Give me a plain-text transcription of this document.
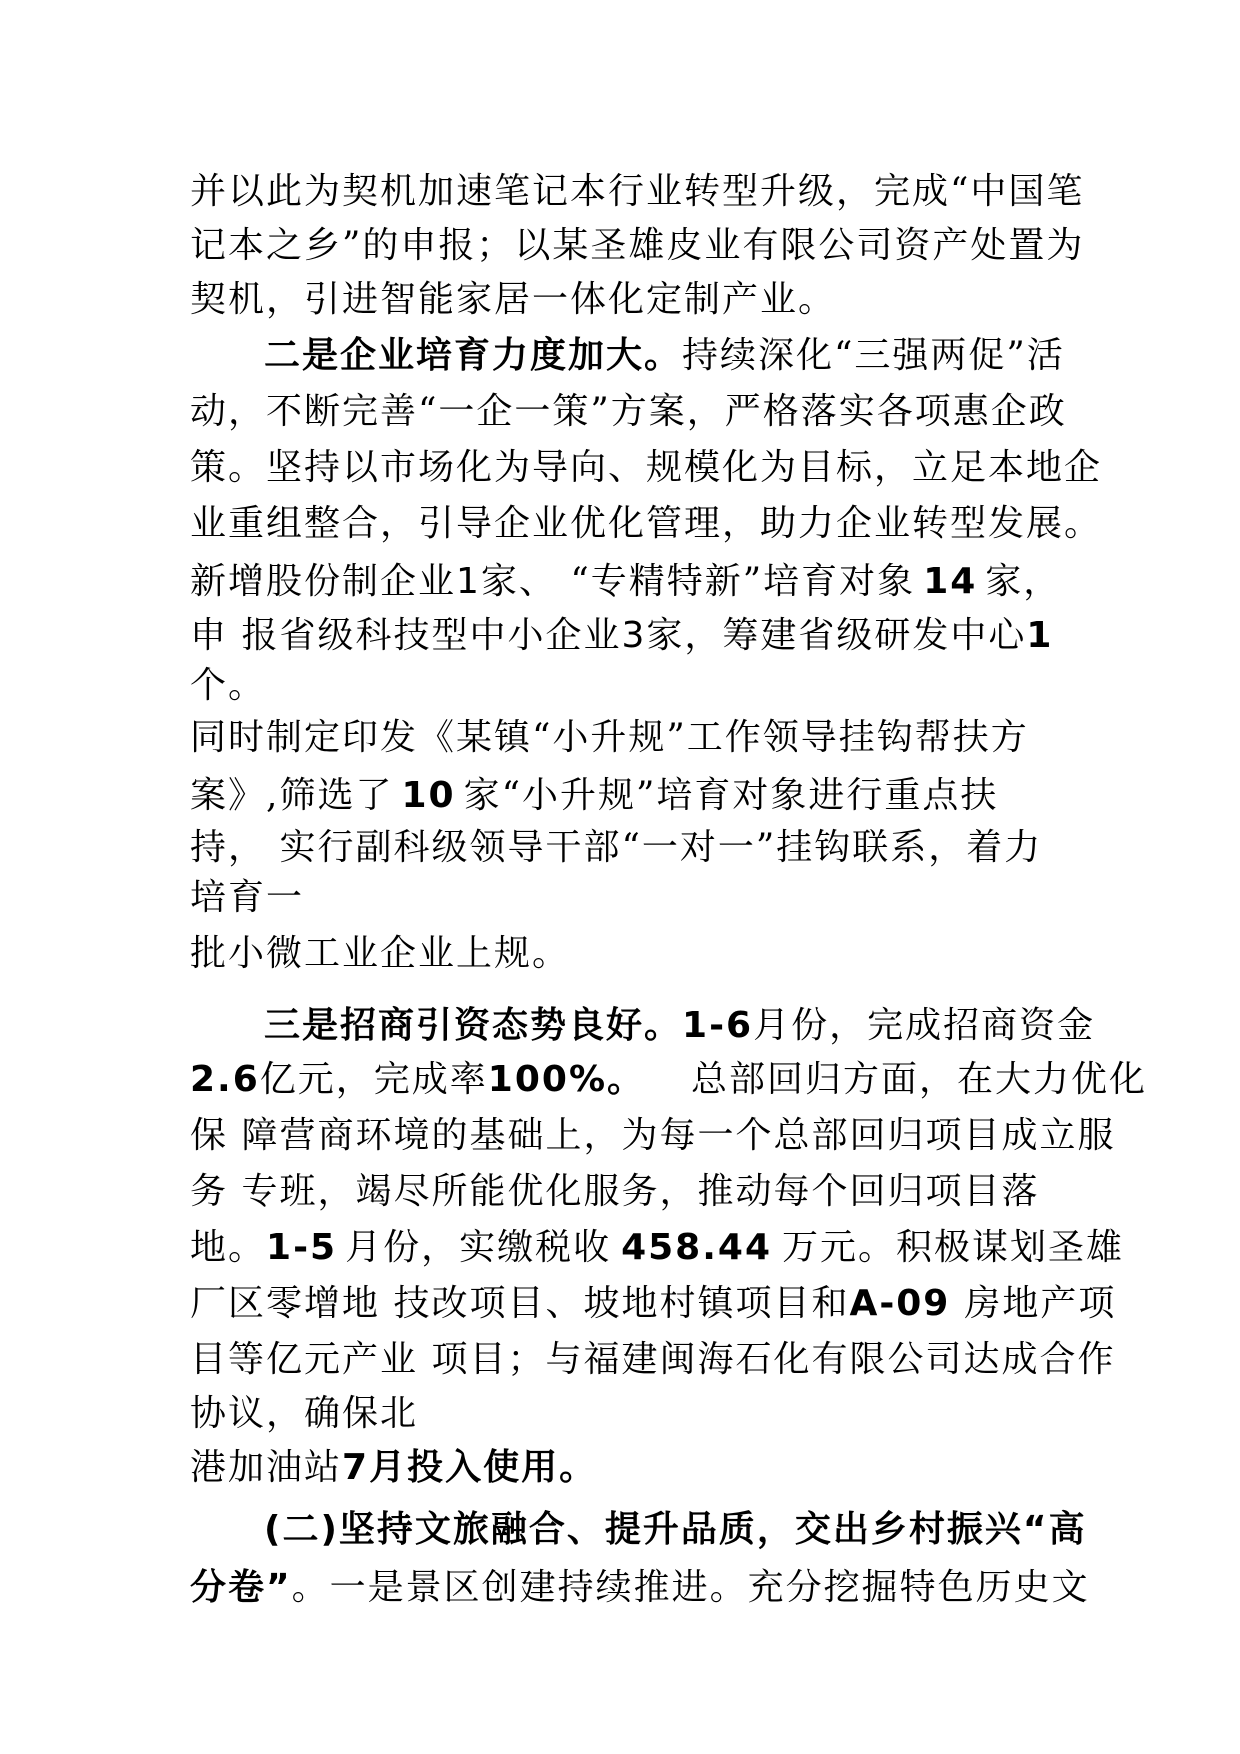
并以此为契机加速笔记本行业转型升级，完成“中国笔
记本之乡”的申报；以某圣雄皮业有限公司资产处置为
契机，引进智能家居一体化定制产业。
二是企业培育力度加大。持续深化“三强两促”活
动，不断完善“一企一策”方案，严格落实各项惠企政
策。坚持以市场化为导向、规模化为目标，立足本地企
业重组整合，引导企业优化管理，助力企业转型发展。
新增股份制企业1家、 “专精特新”培育对象 14 家，
申 报省级科技型中小企业3家，筹建省级研发中心1
个。
同时制定印发《某镇“小升规”工作领导挂钩帮扶方
案》,筛选了 10 家“小升规”培育对象进行重点扶
持， 实行副科级领导干部“一对一”挂钩联系，着力
培育一
批小微工业企业上规。
三是招商引资态势良好。1-6月份，完成招商资金
2.6亿元，完成率100%。 总部回归方面，在大力优化
保 障营商环境的基础上，为每一个总部回归项目成立服
务 专班，竭尽所能优化服务，推动每个回归项目落
地。1-5 月份，实缴税收 458.44 万元。积极谋划圣雄
厂区零增地 技改项目、坡地村镇项目和A-09 房地产项
目等亿元产业 项目；与福建闽海石化有限公司达成合作
协议，确保北
港加油站7月投入使用。
(二)坚持文旅融合、提升品质，交出乡村振兴“高
分卷”。一是景区创建持续推进。充分挖掘特色历史文
